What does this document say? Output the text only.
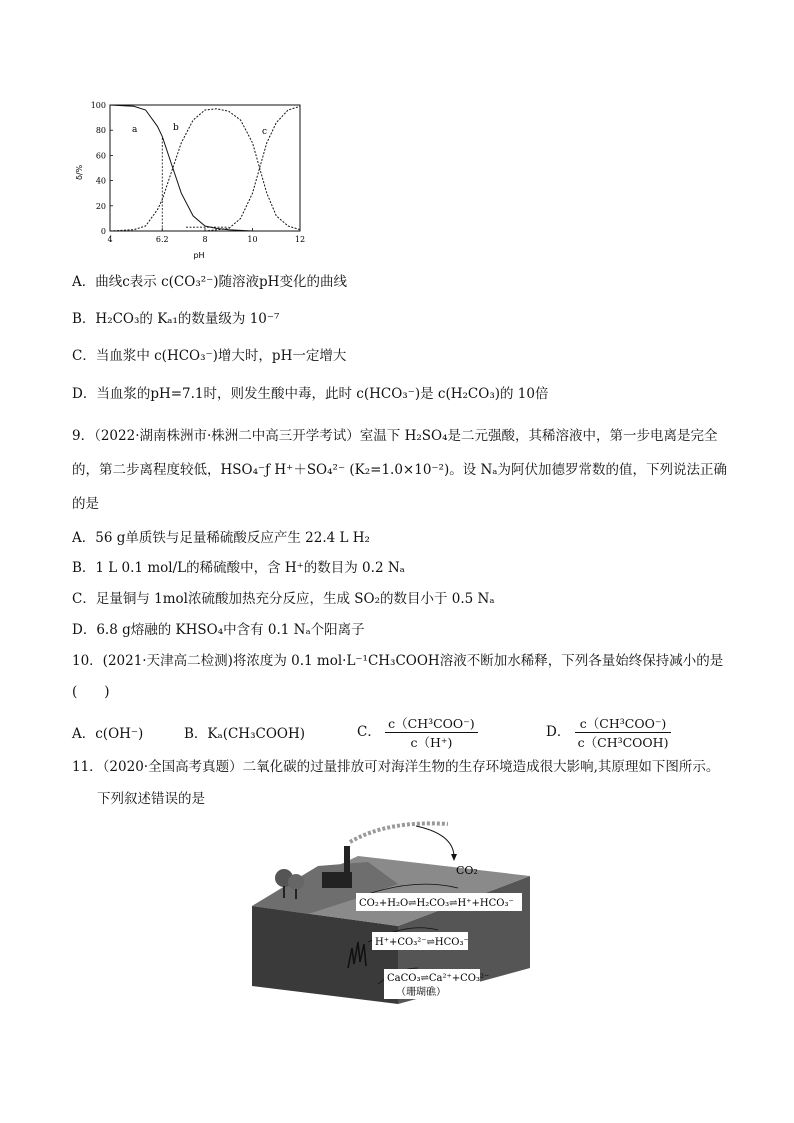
0
20
40
60
80
100
4	6.2	8	10	12
δ/%
pH
a	b	c
A．曲线c表示 c(CO₃²⁻)随溶液pH变化的曲线
B．H₂CO₃的 Kₐ₁的数量级为 10⁻⁷
C．当血浆中 c(HCO₃⁻)增大时，pH一定增大
D．当血浆的pH=7.1时，则发生酸中毒，此时 c(HCO₃⁻)是 c(H₂CO₃)的 10倍
9．（2022·湖南株洲市·株洲二中高三开学考试）室温下 H₂SO₄是二元强酸，其稀溶液中，第一步电离是完全
的，第二步离程度较低，HSO₄⁻ƒ H⁺＋SO₄²⁻ (K₂=1.0×10⁻²)。设 Nₐ为阿伏加德罗常数的值，下列说法正确
的是
A．56 g单质铁与足量稀硫酸反应产生 22.4 L H₂
B．1 L 0.1 mol/L的稀硫酸中，含 H⁺的数目为 0.2 Nₐ
C．足量铜与 1mol浓硫酸加热充分反应，生成 SO₂的数目小于 0.5 Nₐ
D．6.8 g熔融的 KHSO₄中含有 0.1 Nₐ个阳离子
10．(2021·天津高二检测)将浓度为 0.1 mol·L⁻¹CH₃COOH溶液不断加水稀释，下列各量始终保持减小的是
(　　)
A．c(OH⁻)	B．Kₐ(CH₃COOH)	C． $\frac{\text{c（CH³COO⁻)}}{c(H^+)}$	D． $\frac{\text{c（CH³COO⁻)}}{\text{c（CH³COOH)}}$
11．（2020·全国高考真题）二氧化碳的过量排放可对海洋生物的生存环境造成很大影响,其原理如下图所示。
下列叙述错误的是
CO₂
CO₂+H₂O⇌H₂CO₃⇌H⁺+HCO₃⁻
H⁺+CO₃²⁻⇌HCO₃⁻
CaCO₃⇌Ca²⁺+CO₃²⁻
（珊瑚礁）
